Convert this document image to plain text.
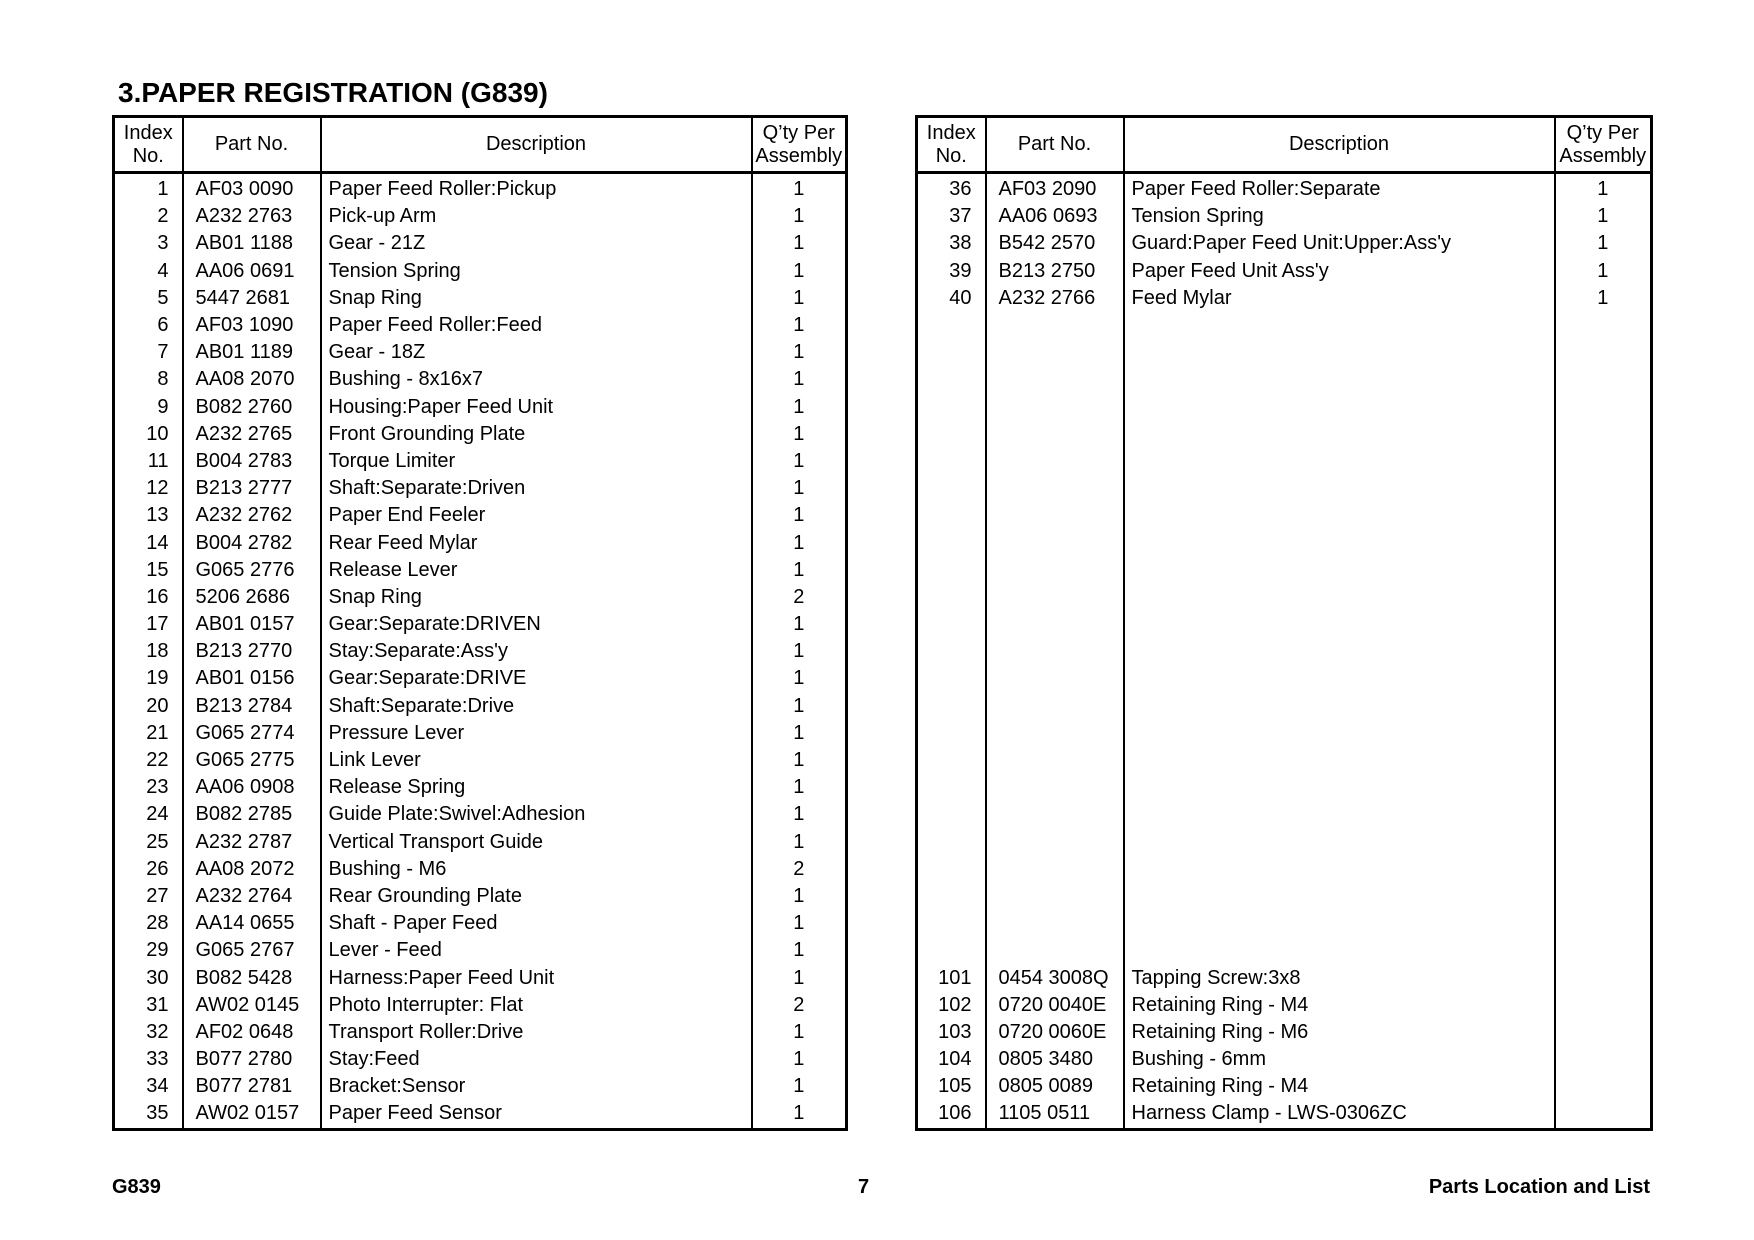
3.PAPER REGISTRATION (G839)
Index
No.	Part No.	Description	Q’ty Per
Assembly
1	AF03 0090	Paper Feed Roller:Pickup	1
2	A232 2763	Pick-up Arm	1
3	AB01 1188	Gear - 21Z	1
4	AA06 0691	Tension Spring	1
5	5447 2681	Snap Ring	1
6	AF03 1090	Paper Feed Roller:Feed	1
7	AB01 1189	Gear - 18Z	1
8	AA08 2070	Bushing - 8x16x7	1
9	B082 2760	Housing:Paper Feed Unit	1
10	A232 2765	Front Grounding Plate	1
11	B004 2783	Torque Limiter	1
12	B213 2777	Shaft:Separate:Driven	1
13	A232 2762	Paper End Feeler	1
14	B004 2782	Rear Feed Mylar	1
15	G065 2776	Release Lever	1
16	5206 2686	Snap Ring	2
17	AB01 0157	Gear:Separate:DRIVEN	1
18	B213 2770	Stay:Separate:Ass'y	1
19	AB01 0156	Gear:Separate:DRIVE	1
20	B213 2784	Shaft:Separate:Drive	1
21	G065 2774	Pressure Lever	1
22	G065 2775	Link Lever	1
23	AA06 0908	Release Spring	1
24	B082 2785	Guide Plate:Swivel:Adhesion	1
25	A232 2787	Vertical Transport Guide	1
26	AA08 2072	Bushing - M6	2
27	A232 2764	Rear Grounding Plate	1
28	AA14 0655	Shaft - Paper Feed	1
29	G065 2767	Lever - Feed	1
30	B082 5428	Harness:Paper Feed Unit	1
31	AW02 0145	Photo Interrupter: Flat	2
32	AF02 0648	Transport Roller:Drive	1
33	B077 2780	Stay:Feed	1
34	B077 2781	Bracket:Sensor	1
35	AW02 0157	Paper Feed Sensor	1
Index
No.	Part No.	Description	Q’ty Per
Assembly
36	AF03 2090	Paper Feed Roller:Separate	1
37	AA06 0693	Tension Spring	1
38	B542 2570	Guard:Paper Feed Unit:Upper:Ass'y	1
39	B213 2750	Paper Feed Unit Ass'y	1
40	A232 2766	Feed Mylar	1

101	0454 3008Q	Tapping Screw:3x8	
102	0720 0040E	Retaining Ring - M4	
103	0720 0060E	Retaining Ring - M6	
104	0805 3480	Bushing - 6mm	
105	0805 0089	Retaining Ring - M4	
106	1105 0511	Harness Clamp - LWS-0306ZC	
G839	7	Parts Location and List
